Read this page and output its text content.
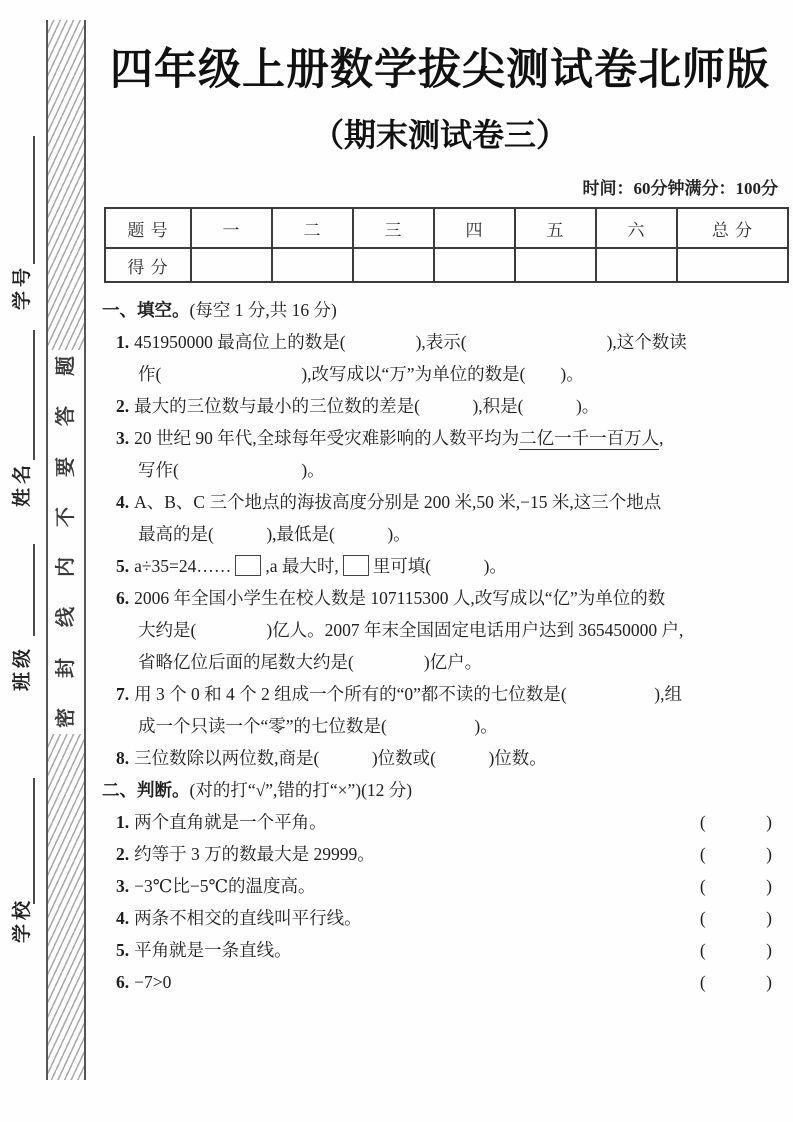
学号
姓名
班级
学校
题
答
要
不
内
线
封
密
四年级上册数学拔尖测试卷北师版
（期末测试卷三）
时间：60分钟满分：100分
题 号	一	二	三	四	五	六	总 分
得 分							
一、填空。(每空 1 分,共 16 分)
1. 451950000 最高位上的数是(　　　　),表示(　　　　　　　　),这个数读
作(　　　　　　　　),改写成以“万”为单位的数是(　　)。
2. 最大的三位数与最小的三位数的差是(　　　),积是(　　　)。
3. 20 世纪 90 年代,全球每年受灾难影响的人数平均为二亿一千一百万人,
写作(　　　　　　　)。
4. A、B、C 三个地点的海拔高度分别是 200 米,50 米,−15 米,这三个地点
最高的是(　　　),最低是(　　　)。
5. a÷35=24…… ,a 最大时, 里可填(　　　)。
6. 2006 年全国小学生在校人数是 107115300 人,改写成以“亿”为单位的数
大约是(　　　　)亿人。2007 年末全国固定电话用户达到 365450000 户,
省略亿位后面的尾数大约是(　　　　)亿户。
7. 用 3 个 0 和 4 个 2 组成一个所有的“0”都不读的七位数是(　　　　　),组
成一个只读一个“零”的七位数是(　　　　　)。
8. 三位数除以两位数,商是(　　　)位数或(　　　)位数。
二、判断。(对的打“√”,错的打“×”)(12 分)
1. 两个直角就是一个平角。	(　　　)
2. 约等于 3 万的数最大是 29999。	(　　　)
3. −3℃比−5℃的温度高。	(　　　)
4. 两条不相交的直线叫平行线。	(　　　)
5. 平角就是一条直线。	(　　　)
6. −7>0	(　　　)
